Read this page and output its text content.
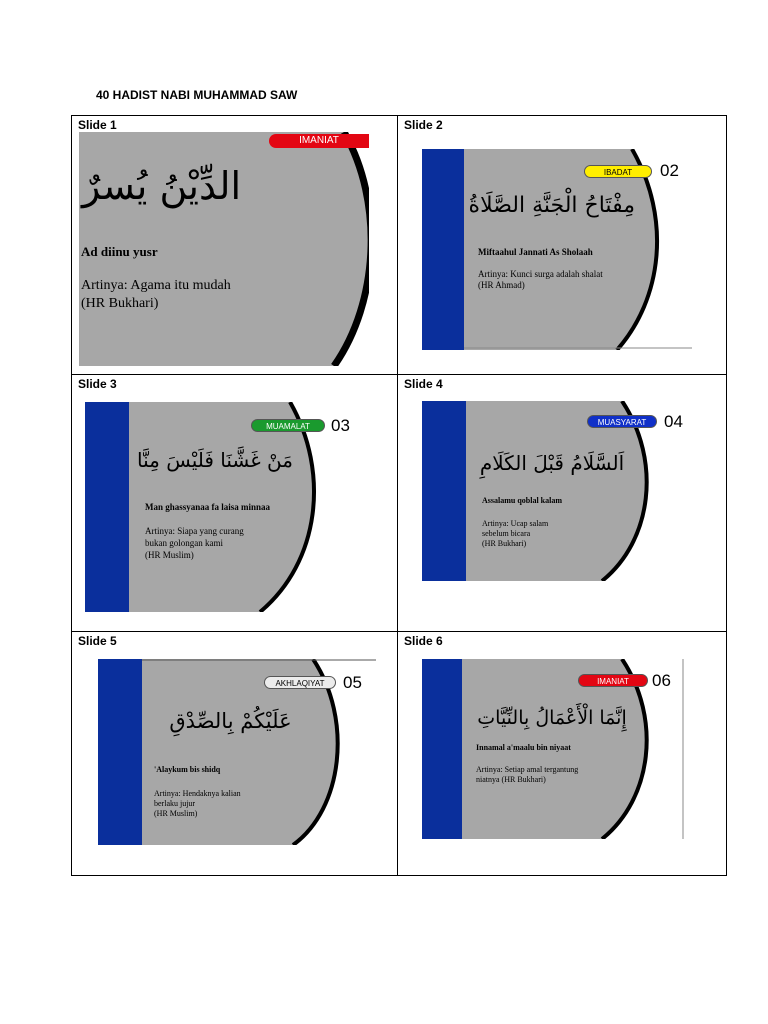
40 HADIST NABI MUHAMMAD SAW
Slide 1
IMANIAT
الدِّيْنُ يُسرٌ
Ad diinu yusr
Artinya: Agama itu mudah
(HR Bukhari)
Slide 2
IBADAT	02
مِفْتَاحُ الْجَنَّةِ الصَّلَاةُ
Miftaahul Jannati As Sholaah
Artinya: Kunci surga adalah shalat
(HR Ahmad)
Slide 3
MUAMALAT	03
مَنْ غَشَّنَا فَلَيْسَ مِنَّا
Man ghassyanaa fa laisa minnaa
Artinya: Siapa yang curang
bukan golongan kami
(HR Muslim)
Slide 4
MUASYARAT	04
اَلسَّلَامُ قَبْلَ الكَلَامِ
Assalamu qoblal kalam
Artinya: Ucap salam
sebelum bicara
(HR Bukhari)
Slide 5
AKHLAQIYAT	05
عَلَيْكُمْ بِالصِّدْقِ
'Alaykum bis shidq
Artinya: Hendaknya kalian
berlaku jujur
(HR Muslim)
Slide 6
IMANIAT	06
إِنَّمَا الْأَعْمَالُ بِالنِّيَّاتِ
Innamal a'maalu bin niyaat
Artinya: Setiap amal tergantung
niatnya (HR Bukhari)
